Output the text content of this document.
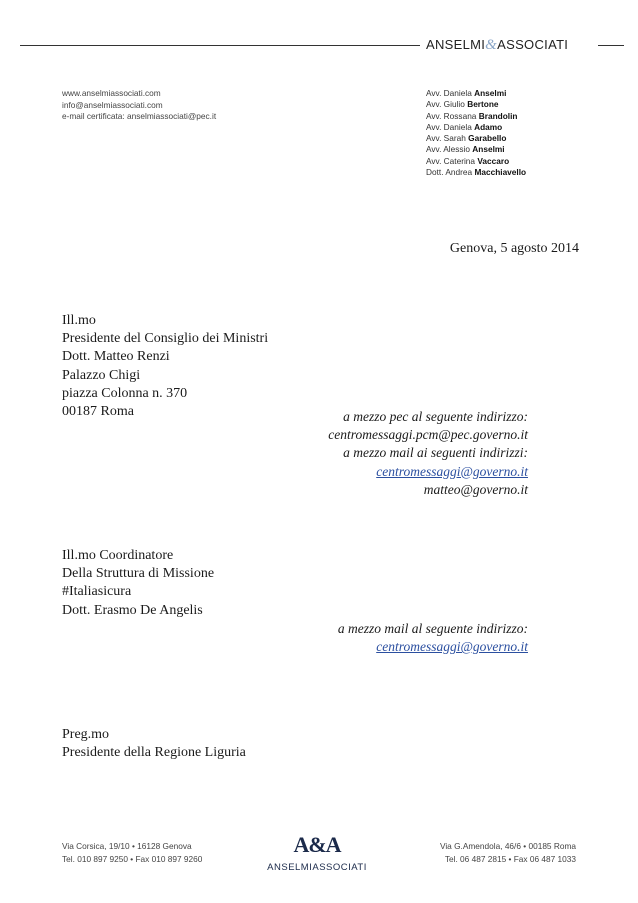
ANSELMI&ASSOCIATI
www.anselmiassociati.com
info@anselmiassociati.com
e-mail certificata: anselmiassociati@pec.it
Avv. Daniela Anselmi
Avv. Giulio Bertone
Avv. Rossana Brandolin
Avv. Daniela Adamo
Avv. Sarah Garabello
Avv. Alessio Anselmi
Avv. Caterina Vaccaro
Dott. Andrea Macchiavello
Genova, 5 agosto 2014
Ill.mo
Presidente del Consiglio dei Ministri
Dott. Matteo Renzi
Palazzo Chigi
piazza Colonna n. 370
00187 Roma	a mezzo pec al seguente indirizzo:
centromessaggi.pcm@pec.governo.it
a mezzo mail ai seguenti indirizzi:
centromessaggi@governo.it
matteo@governo.it
Ill.mo Coordinatore
Della Struttura di Missione
#Italiasicura
Dott. Erasmo De Angelis
a mezzo mail al seguente indirizzo:
centromessaggi@governo.it
Preg.mo
Presidente della Regione Liguria
Via Corsica, 19/10 • 16128 Genova
Tel. 010 897 9250 • Fax 010 897 9260
A&A
ANSELMIASSOCIATI
Via G.Amendola, 46/6 • 00185 Roma
Tel. 06 487 2815 • Fax 06 487 1033
